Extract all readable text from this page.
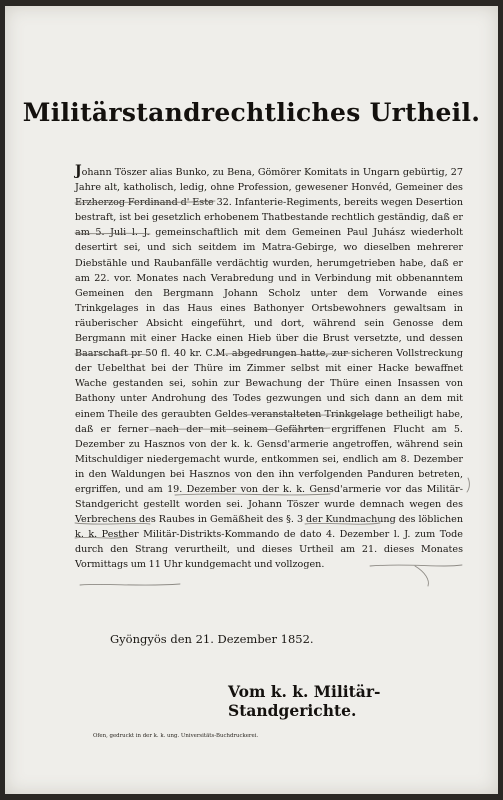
Militärstandrechtliches Urtheil.
Johann Töszer alias Bunko, zu Bena, Gömörer Komitats in Ungarn gebürtig, 27 Jahre alt, katholisch, ledig, ohne Profession, gewesener Honvéd, Gemeiner des Erzherzog Ferdinand d' Este 32. Infanterie-Regiments, bereits wegen Desertion bestraft, ist bei gesetzlich erhobenem Thatbestande rechtlich geständig, daß er am 5. Juli l. J. gemeinschaftlich mit dem Gemeinen Paul Juhász wiederholt desertirt sei, und sich seitdem im Matra-Gebirge, wo dieselben mehrerer Diebstähle und Raubanfälle verdächtig wurden, herumgetrieben habe, daß er am 22. vor. Monates nach Verabredung und in Verbindung mit obbenanntem Gemeinen den Bergmann Johann Scholz unter dem Vorwande eines Trinkgelages in das Haus eines Bathonyer Ortsbewohners gewaltsam in räuberischer Absicht eingeführt, und dort, während sein Genosse dem Bergmann mit einer Hacke einen Hieb über die Brust versetzte, und dessen Baarschaft pr 50 fl. 40 kr. C.M. abgedrungen hatte, zur sicheren Vollstreckung der Uebelthat bei der Thüre im Zimmer selbst mit einer Hacke bewaffnet Wache gestanden sei, sohin zur Bewachung der Thüre einen Insassen von Bathony unter Androhung des Todes gezwungen und sich dann an dem mit einem Theile des geraubten Geldes veranstalteten Trinkgelage betheiligt habe, daß er ferner nach der mit seinem Gefährten ergriffenen Flucht am 5. Dezember zu Hasznos von der k. k. Gensd'armerie angetroffen, während sein Mitschuldiger niedergemacht wurde, entkommen sei, endlich am 8. Dezember in den Waldungen bei Hasznos von den ihn verfolgenden Panduren betreten, ergriffen, und am 19. Dezember von der k. k. Gensd'armerie vor das Militär-Standgericht gestellt worden sei. Johann Töszer wurde demnach wegen des Verbrechens des Raubes in Gemäßheit des §. 3 der Kundmachung des löblichen k. k. Pesther Militär-Distrikts-Kommando de dato 4. Dezember l. J. zum Tode durch den Strang verurtheilt, und dieses Urtheil am 21. dieses Monates Vormittags um 11 Uhr kundgemacht und vollzogen.
Gyöngyös den 21. Dezember 1852.
Vom k. k. Militär-Standgerichte.
Ofen, gedruckt in der k. k. ung. Universitäts-Buchdruckerei.
